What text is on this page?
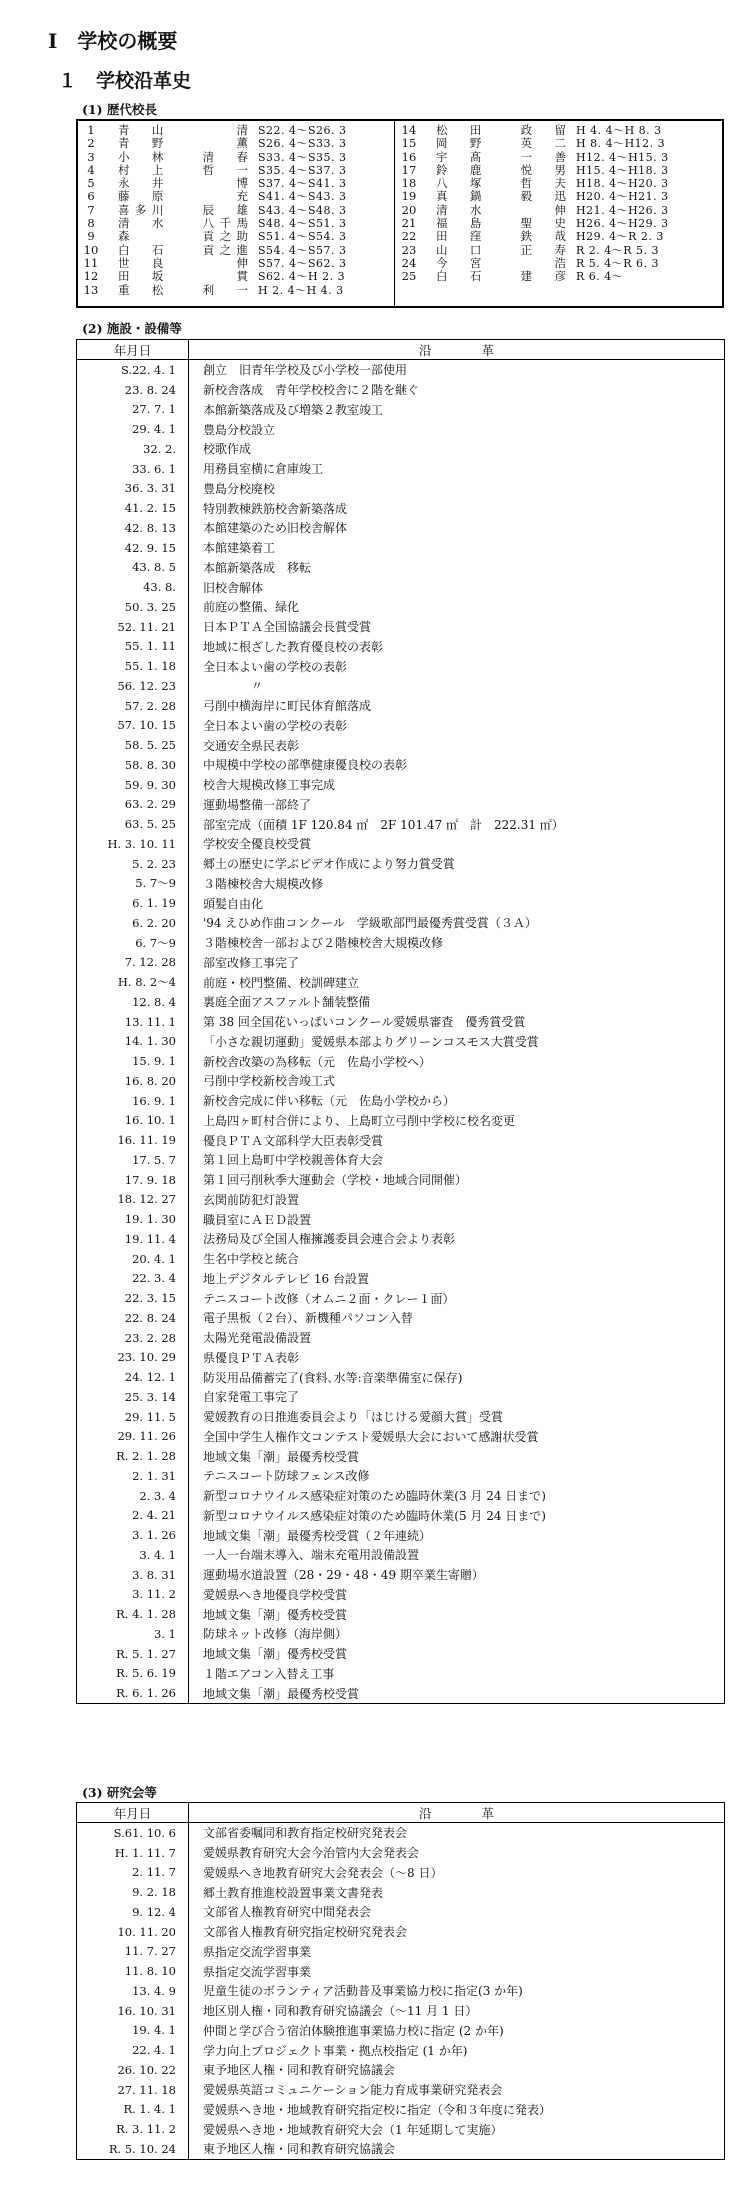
Ⅰ　学校の概要
１　学校沿革史
(1) 歴代校長
1	青　山　　　　清 S22. 4～S26. 3
2	青　野　　　　薫 S26. 4～S33. 3
3	小　林　　清　春 S33. 4～S35. 3
4	村　上　　哲　一 S35. 4～S37. 3
5	永　井　　　　博 S37. 4～S41. 3
6	藤　原　　　　充 S41. 4～S43. 3
7	喜多川　　辰　雄 S43. 4～S48. 3
8	清　水　　八千馬 S48. 4～S51. 3
9	森　　　　貢之助 S51. 4～S54. 3
10 白　石　　貢之進 S54. 4～S57. 3
11 世　良　　　　伸 S57. 4～S62. 3
12 田　坂　　　　貫 S62. 4～H 2. 3
13 重　松　　利　一 H 2. 4～H 4. 3
14 松　田　　政　留 H 4. 4～H 8. 3
15 岡　野　　英　二 H 8. 4～H12. 3
16 宇　髙　　一　善 H12. 4～H15. 3
17 鈴　鹿　　悦　男 H15. 4～H18. 3
18 八　塚　　哲　夫 H18. 4～H20. 3
19 真　鍋　　毅　迅 H20. 4～H21. 3
20 清　水　　　　伸 H21. 4～H26. 3
21 福　島　　聖　史 H26. 4～H29. 3
22 田　窪　　鉄　哉 H29. 4～R 2. 3
23 山　口　　正　寿 R 2. 4～R 5. 3
24 今　宮　　　　浩 R 5. 4～R 6. 3
25 白　石　　建　彦 R 6. 4～
(2) 施設・設備等
年月日	沿　　　　革
S.22. 4. 1	創立　旧青年学校及び小学校一部使用
23. 8. 24	新校舎落成　青年学校校舎に２階を継ぐ
27. 7. 1	本館新築落成及び増築２教室竣工
29. 4. 1	豊島分校設立
32. 2.	校歌作成
33. 6. 1	用務員室横に倉庫竣工
36. 3. 31	豊島分校廃校
41. 2. 15	特別教棟鉄筋校舎新築落成
42. 8. 13	本館建築のため旧校舎解体
42. 9. 15	本館建築着工
43. 8. 5	本館新築落成　移転
43. 8.	旧校舎解体
50. 3. 25	前庭の整備、緑化
52. 11. 21	日本ＰＴＡ全国協議会長賞受賞
55. 1. 11	地域に根ざした教育優良校の表彰
55. 1. 18	全日本よい歯の学校の表彰
56. 12. 23	　　　　〃
57. 2. 28	弓削中横海岸に町民体育館落成
57. 10. 15	全日本よい歯の学校の表彰
58. 5. 25	交通安全県民表彰
58. 8. 30	中規模中学校の部準健康優良校の表彰
59. 9. 30	校舎大規模改修工事完成
63. 2. 29	運動場整備一部終了
63. 5. 25	部室完成（面積 1F 120.84 ㎡　2F 101.47 ㎡　計　222.31 ㎡）
H. 3. 10. 11	学校安全優良校受賞
5. 2. 23	郷土の歴史に学ぶビデオ作成により努力賞受賞
5. 7～9	３階棟校舎大規模改修
6. 1. 19	頭髪自由化
6. 2. 20	'94 えひめ作曲コンクール　学級歌部門最優秀賞受賞（３Ａ）
6. 7～9	３階棟校舎一部および２階棟校舎大規模改修
7. 12. 28	部室改修工事完了
H. 8. 2～4	前庭・校門整備、校訓碑建立
12. 8. 4	裏庭全面アスファルト舗装整備
13. 11. 1	第 38 回全国花いっぱいコンクール愛媛県審査　優秀賞受賞
14. 1. 30	「小さな親切運動」愛媛県本部よりグリーンコスモス大賞受賞
15. 9. 1	新校舎改築の為移転（元　佐島小学校へ）
16. 8. 20	弓削中学校新校舎竣工式
16. 9. 1	新校舎完成に伴い移転（元　佐島小学校から）
16. 10. 1	上島四ヶ町村合併により、上島町立弓削中学校に校名変更
16. 11. 19	優良ＰＴＡ文部科学大臣表彰受賞
17. 5. 7	第１回上島町中学校親善体育大会
17. 9. 18	第１回弓削秋季大運動会（学校・地域合同開催）
18. 12. 27	玄関前防犯灯設置
19. 1. 30	職員室にＡＥＤ設置
19. 11. 4	法務局及び全国人権擁護委員会連合会より表彰
20. 4. 1	生名中学校と統合
22. 3. 4	地上デジタルテレビ 16 台設置
22. 3. 15	テニスコート改修（オムニ２面・クレー１面）
22. 8. 24	電子黒板（２台）、新機種パソコン入替
23. 2. 28	太陽光発電設備設置
23. 10. 29	県優良ＰＴＡ表彰
24. 12. 1	防災用品備蓄完了(食料､水等:音楽準備室に保存)
25. 3. 14	自家発電工事完了
29. 11. 5	愛媛教育の日推進委員会より「はじける愛顔大賞」受賞
29. 11. 26	全国中学生人権作文コンテスト愛媛県大会において感謝状受賞
R. 2. 1. 28	地域文集「潮」最優秀校受賞
2. 1. 31	テニスコート防球フェンス改修
2. 3. 4	新型コロナウイルス感染症対策のため臨時休業(3 月 24 日まで)
2. 4. 21	新型コロナウイルス感染症対策のため臨時休業(5 月 24 日まで)
3. 1. 26	地域文集「潮」最優秀校受賞（２年連続）
3. 4. 1	一人一台端末導入、端末充電用設備設置
3. 8. 31	運動場水道設置（28・29・48・49 期卒業生寄贈）
3. 11. 2	愛媛県へき地優良学校受賞
R. 4. 1. 28	地域文集「潮」優秀校受賞
3. 1	防球ネット改修（海岸側）
R. 5. 1. 27	地域文集「潮」優秀校受賞
R. 5. 6. 19	１階エアコン入替え工事
R. 6. 1. 26	地域文集「潮」最優秀校受賞
(3) 研究会等
年月日	沿　　　　革
S.61. 10. 6	文部省委嘱同和教育指定校研究発表会
H. 1. 11. 7	愛媛県教育研究大会今治管内大会発表会
2. 11. 7	愛媛県へき地教育研究大会発表会（～8 日）
9. 2. 18	郷土教育推進校設置事業文書発表
9. 12. 4	文部省人権教育研究中間発表会
10. 11. 20	文部省人権教育研究指定校研究発表会
11. 7. 27	県指定交流学習事業
11. 8. 10	県指定交流学習事業
13. 4. 9	児童生徒のボランティア活動普及事業協力校に指定(3 か年)
16. 10. 31	地区別人権・同和教育研究協議会（～11 月 1 日）
19. 4. 1	仲間と学び合う宿泊体験推進事業協力校に指定 (2 か年)
22. 4. 1	学力向上プロジェクト事業・拠点校指定 (1 か年)
26. 10. 22	東予地区人権・同和教育研究協議会
27. 11. 18	愛媛県英語コミュニケーション能力育成事業研究発表会
R. 1. 4. 1	愛媛県へき地・地域教育研究指定校に指定（令和３年度に発表）
R. 3. 11. 2	愛媛県へき地・地域教育研究大会（1 年延期して実施）
R. 5. 10. 24	東予地区人権・同和教育研究協議会
